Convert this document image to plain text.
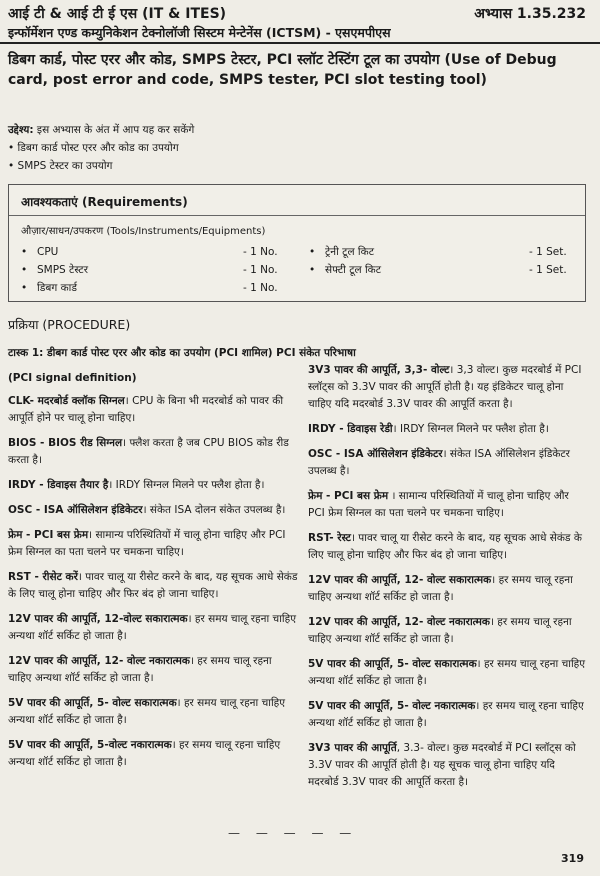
आई टी & आई टी ई एस (IT & ITES)	अभ्यास 1.35.232
इन्फॉर्मेशन एण्ड कम्युनिकेशन टेक्नोलॉजी सिस्टम मेन्टेनेंस (ICTSM) - एसएमपीएस
डिबग कार्ड, पोस्ट एरर और कोड, SMPS टेस्टर, PCI स्लॉट टेस्टिंग टूल का उपयोग (Use of Debug card, post error and code, SMPS tester, PCI slot testing tool)
उद्देश्य: इस अभ्यास के अंत में आप यह कर सकेंगे
• डिबग कार्ड पोस्ट एरर और कोड का उपयोग
• SMPS टेस्टर का उपयोग
आवश्यकताएं (Requirements)
औज़ार/साधन/उपकरण (Tools/Instruments/Equipments)
• CPU	- 1 No.
• SMPS टेस्टर	- 1 No.
• डिबग कार्ड	- 1 No.
• ट्रेनी टूल किट	- 1 Set.
• सेफ्टी टूल किट	- 1 Set.
प्रक्रिया (PROCEDURE)
टास्क 1: डीबग कार्ड पोस्ट एरर और कोड का उपयोग (PCI शामिल) PCI संकेत परिभाषा
(PCI signal definition)

CLK- मदरबोर्ड क्लॉक सिग्नल। CPU के बिना भी मदरबोर्ड को पावर की आपूर्ति होने पर चालू होना चाहिए।

BIOS - BIOS रीड सिग्नल। फ्लैश करता है जब CPU BIOS कोड रीड करता है।

IRDY - डिवाइस तैयार है। IRDY सिग्नल मिलने पर फ्लैश होता है।

OSC - ISA ऑसिलेशन इंडिकेटर। संकेत ISA दोलन संकेत उपलब्ध है।

फ्रेम - PCI बस फ्रेम। सामान्य परिस्थितियों में चालू होना चाहिए और PCI फ्रेम सिग्नल का पता चलने पर चमकना चाहिए।

RST - रीसेट करें। पावर चालू या रीसेट करने के बाद, यह सूचक आधे सेकंड के लिए चालू होना चाहिए और फिर बंद हो जाना चाहिए।

12V पावर की आपूर्ति, 12-वोल्ट सकारात्मक। हर समय चालू रहना चाहिए अन्यथा शॉर्ट सर्किट हो जाता है।

12V पावर की आपूर्ति, 12- वोल्ट नकारात्मक। हर समय चालू रहना चाहिए अन्यथा शॉर्ट सर्किट हो जाता है।

5V पावर की आपूर्ति, 5- वोल्ट सकारात्मक। हर समय चालू रहना चाहिए अन्यथा शॉर्ट सर्किट हो जाता है।

5V पावर की आपूर्ति, 5-वोल्ट नकारात्मक। हर समय चालू रहना चाहिए अन्यथा शॉर्ट सर्किट हो जाता है।

3V3 पावर की आपूर्ति, 3,3- वोल्ट। 3,3 वोल्ट। कुछ मदरबोर्ड में PCI स्लॉट्स को 3.3V पावर की आपूर्ति होती है। यह इंडिकेटर चालू होना चाहिए यदि मदरबोर्ड 3.3V पावर की आपूर्ति करता है।

IRDY - डिवाइस रेडी। IRDY सिग्नल मिलने पर फ्लैश होता है।

OSC - ISA ऑसिलेशन इंडिकेटर। संकेत ISA ऑसिलेशन इंडिकेटर उपलब्ध है।

फ्रेम - PCI बस फ्रेम । सामान्य परिस्थितियों में चालू होना चाहिए और PCI फ्रेम सिग्नल का पता चलने पर चमकना चाहिए।

RST- रेस्ट। पावर चालू या रीसेट करने के बाद, यह सूचक आधे सेकंड के लिए चालू होना चाहिए और फिर बंद हो जाना चाहिए।

12V पावर की आपूर्ति, 12- वोल्ट सकारात्मक। हर समय चालू रहना चाहिए अन्यथा शॉर्ट सर्किट हो जाता है।

12V पावर की आपूर्ति, 12- वोल्ट नकारात्मक। हर समय चालू रहना चाहिए अन्यथा शॉर्ट सर्किट हो जाता है।

5V पावर की आपूर्ति, 5- वोल्ट सकारात्मक। हर समय चालू रहना चाहिए अन्यथा शॉर्ट सर्किट हो जाता है।

5V पावर की आपूर्ति, 5- वोल्ट नकारात्मक। हर समय चालू रहना चाहिए अन्यथा शॉर्ट सर्किट हो जाता है।

3V3 पावर की आपूर्ति, 3.3- वोल्ट। कुछ मदरबोर्ड में PCI स्लॉट्स को 3.3V पावर की आपूर्ति होती है। यह सूचक चालू होना चाहिए यदि मदरबोर्ड 3.3V पावर की आपूर्ति करता है।

— — — — —
319
